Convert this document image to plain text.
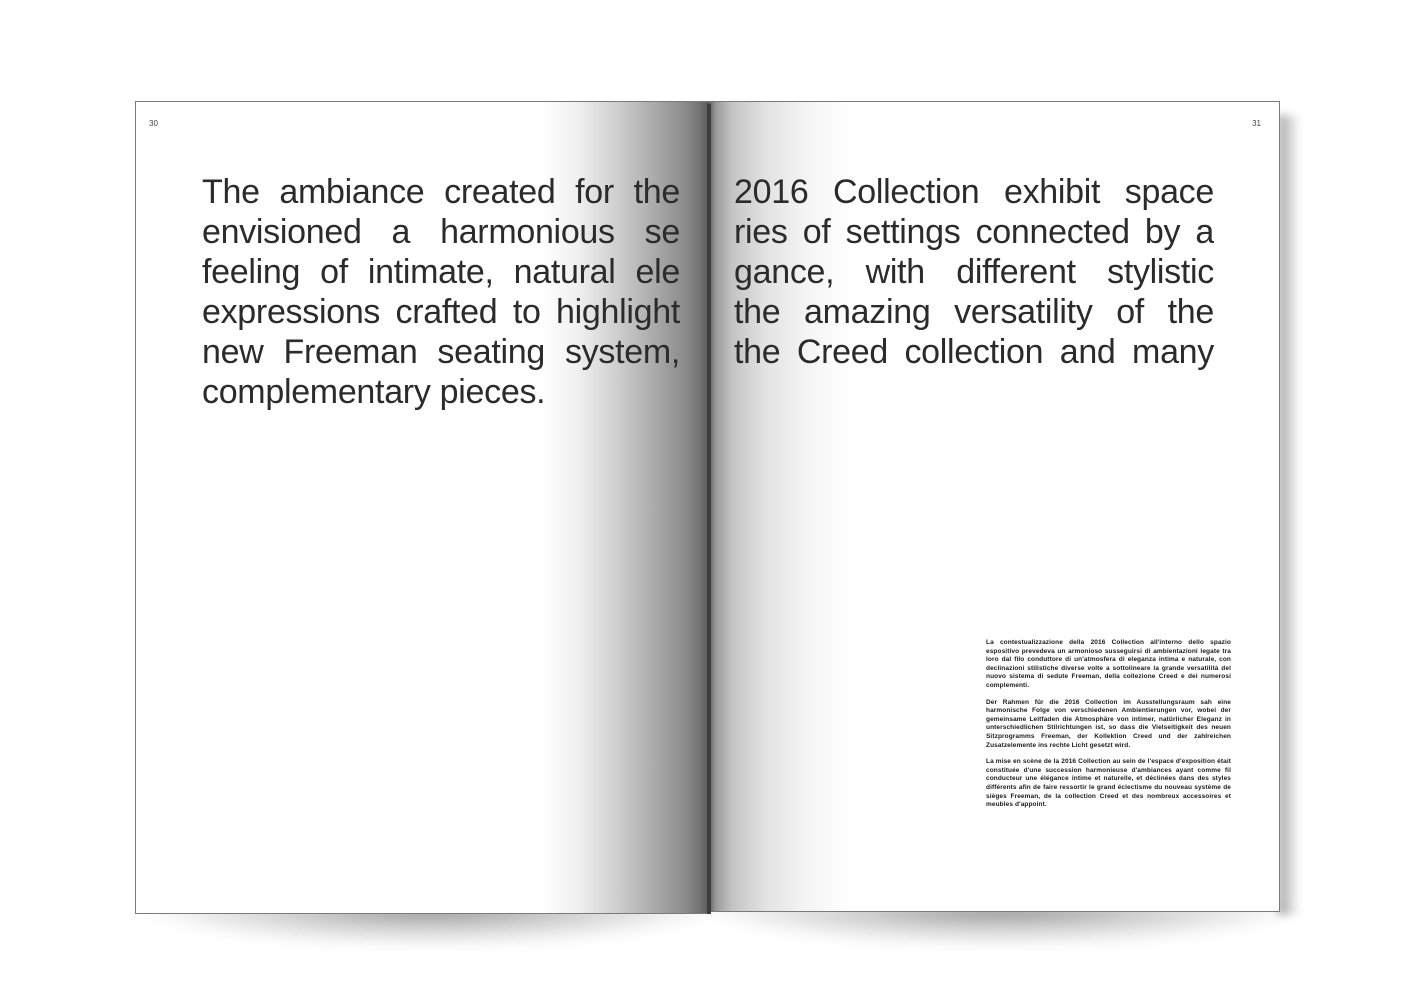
30
The ambiance created for the
envisioned a harmonious se
feeling of intimate, natural ele
expressions crafted to highlight
new Freeman seating system,
complementary pieces.
31
2016 Collection exhibit space
ries of settings connected by a
gance, with different stylistic
the amazing versatility of the
the Creed collection and many

La contestualizzazione della 2016 Collection all'interno dello spazio espositivo prevedeva un armonioso susseguirsi di ambientazioni legate tra loro dal filo conduttore di un'atmosfera di eleganza intima e naturale, con declinazioni stilistiche diverse volte a sottolineare la grande versatilità del nuovo sistema di sedute Freeman, della collezione Creed e dei numerosi complementi.

Der Rahmen für die 2016 Collection im Ausstellungsraum sah eine harmonische Folge von verschiedenen Ambientierungen vor, wobei der gemeinsame Leitfaden die Atmosphäre von intimer, natürlicher Eleganz in unterschiedlichen Stilrichtungen ist, so dass die Vielseitigkeit des neuen Sitzprogramms Freeman, der Kollektion Creed und der zahlreichen Zusatzelemente ins rechte Licht gesetzt wird.

La mise en scène de la 2016 Collection au sein de l'espace d'exposition était constituée d'une succession harmonieuse d'ambiances ayant comme fil conducteur une élégance intime et naturelle, et déclinées dans des styles différents afin de faire ressortir le grand éclectisme du nouveau système de sièges Freeman, de la collection Creed et des nombreux accessoires et meubles d'appoint.
